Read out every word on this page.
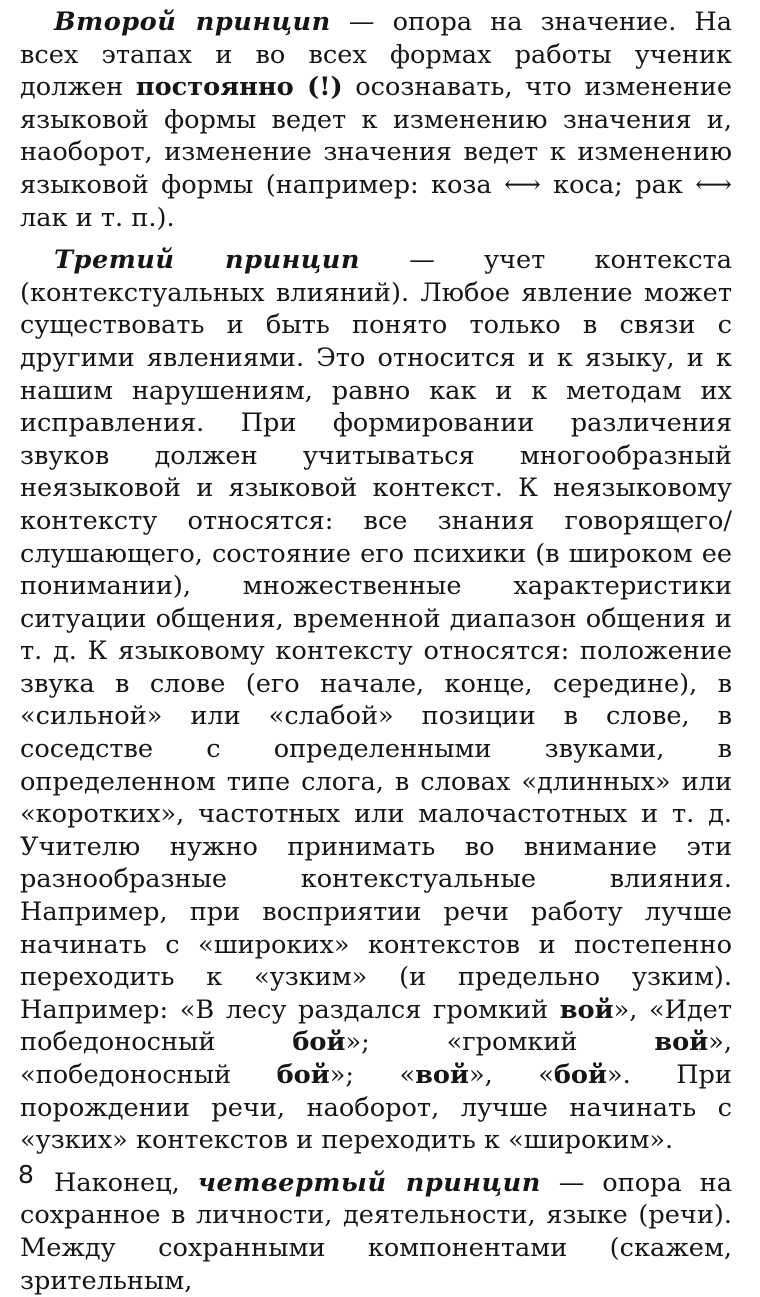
Второй принцип — опора на значение. На всех этапах и во всех формах работы ученик должен постоянно (!) осознавать, что изменение языковой формы ведет к изменению значения и, наоборот, изменение значения ведет к изменению языковой формы (например: коза ⟷ коса; рак ⟷ лак и т. п.).

Третий принцип — учет контекста (контекстуальных влияний). Любое явление может существовать и быть понято только в связи с другими явлениями. Это относится и к языку, и к нашим нарушениям, равно как и к методам их исправления. При формировании различения звуков должен учитываться многообразный неязыковой и языковой контекст. К неязыковому контексту относятся: все знания говорящего/слушающего, состояние его психики (в широком ее понимании), множественные характеристики ситуации общения, временной диапазон общения и т. д. К языковому контексту относятся: положение звука в слове (его начале, конце, середине), в «сильной» или «слабой» позиции в слове, в соседстве с определенными звуками, в определенном типе слога, в словах «длинных» или «коротких», частотных или малочастотных и т. д. Учителю нужно принимать во внимание эти разнообразные контекстуальные влияния. Например, при восприятии речи работу лучше начинать с «широких» контекстов и постепенно переходить к «узким» (и предельно узким). Например: «В лесу раздался громкий вой», «Идет победоносный бой»; «громкий вой», «победоносный бой»; «вой», «бой». При порождении речи, наоборот, лучше начинать с «узких» контекстов и переходить к «широким».

Наконец, четвертый принцип — опора на сохранное в личности, деятельности, языке (речи). Между сохранными компонентами (скажем, зрительным,

8
